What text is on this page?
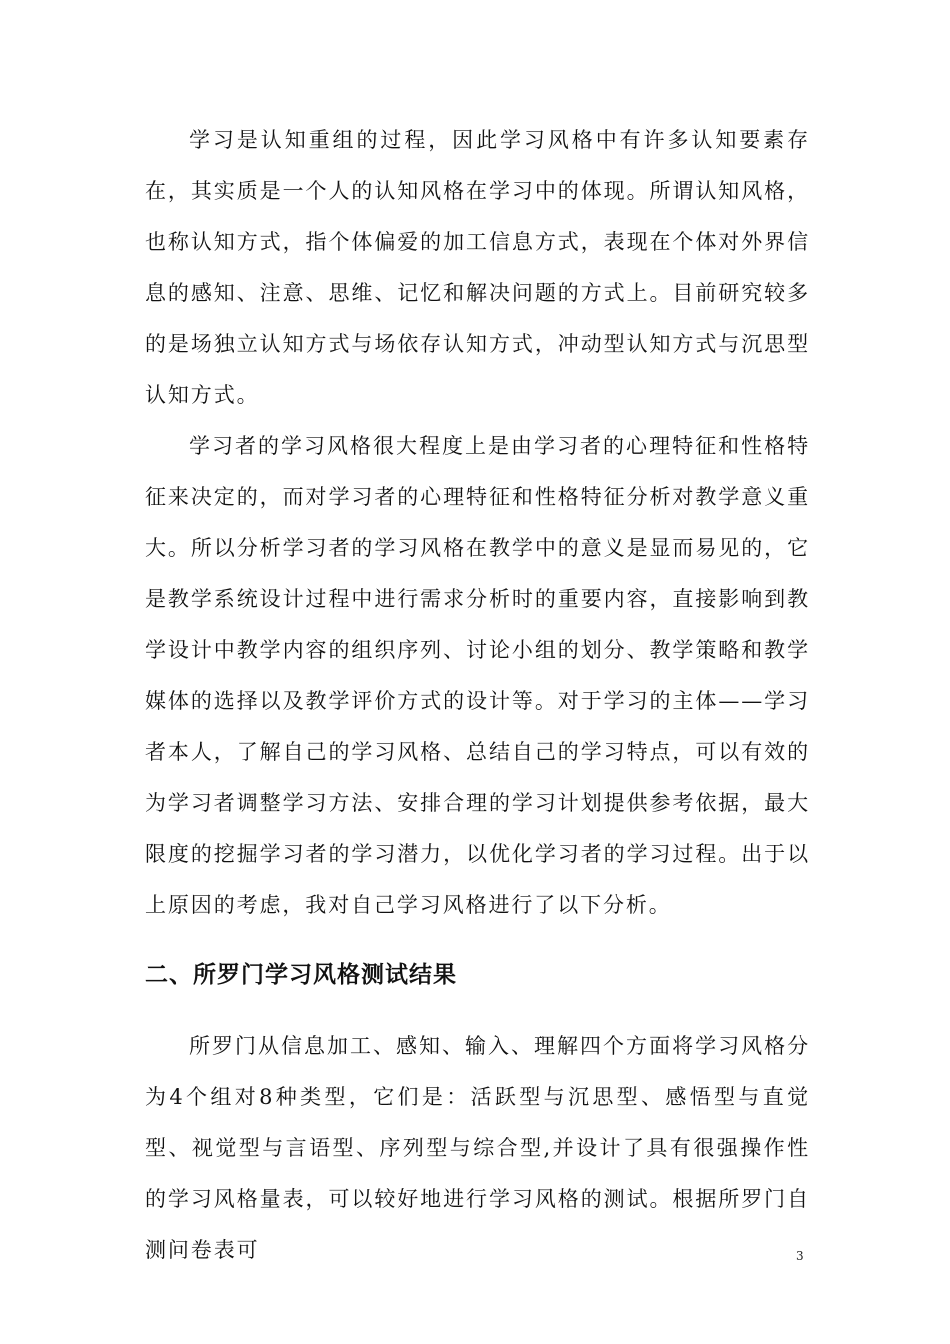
学习是认知重组的过程，因此学习风格中有许多认知要素存在，其实质是一个人的认知风格在学习中的体现。所谓认知风格，也称认知方式，指个体偏爱的加工信息方式，表现在个体对外界信息的感知、注意、思维、记忆和解决问题的方式上。目前研究较多的是场独立认知方式与场依存认知方式，冲动型认知方式与沉思型认知方式。

学习者的学习风格很大程度上是由学习者的心理特征和性格特征来决定的，而对学习者的心理特征和性格特征分析对教学意义重大。所以分析学习者的学习风格在教学中的意义是显而易见的，它是教学系统设计过程中进行需求分析时的重要内容，直接影响到教学设计中教学内容的组织序列、讨论小组的划分、教学策略和教学媒体的选择以及教学评价方式的设计等。对于学习的主体——学习者本人，了解自己的学习风格、总结自己的学习特点，可以有效的为学习者调整学习方法、安排合理的学习计划提供参考依据，最大限度的挖掘学习者的学习潜力，以优化学习者的学习过程。出于以上原因的考虑，我对自己学习风格进行了以下分析。

二、所罗门学习风格测试结果

所罗门从信息加工、感知、输入、理解四个方面将学习风格分为4个组对8种类型，它们是：活跃型与沉思型、感悟型与直觉型、视觉型与言语型、序列型与综合型,并设计了具有很强操作性的学习风格量表，可以较好地进行学习风格的测试。根据所罗门自测问卷表可	3
